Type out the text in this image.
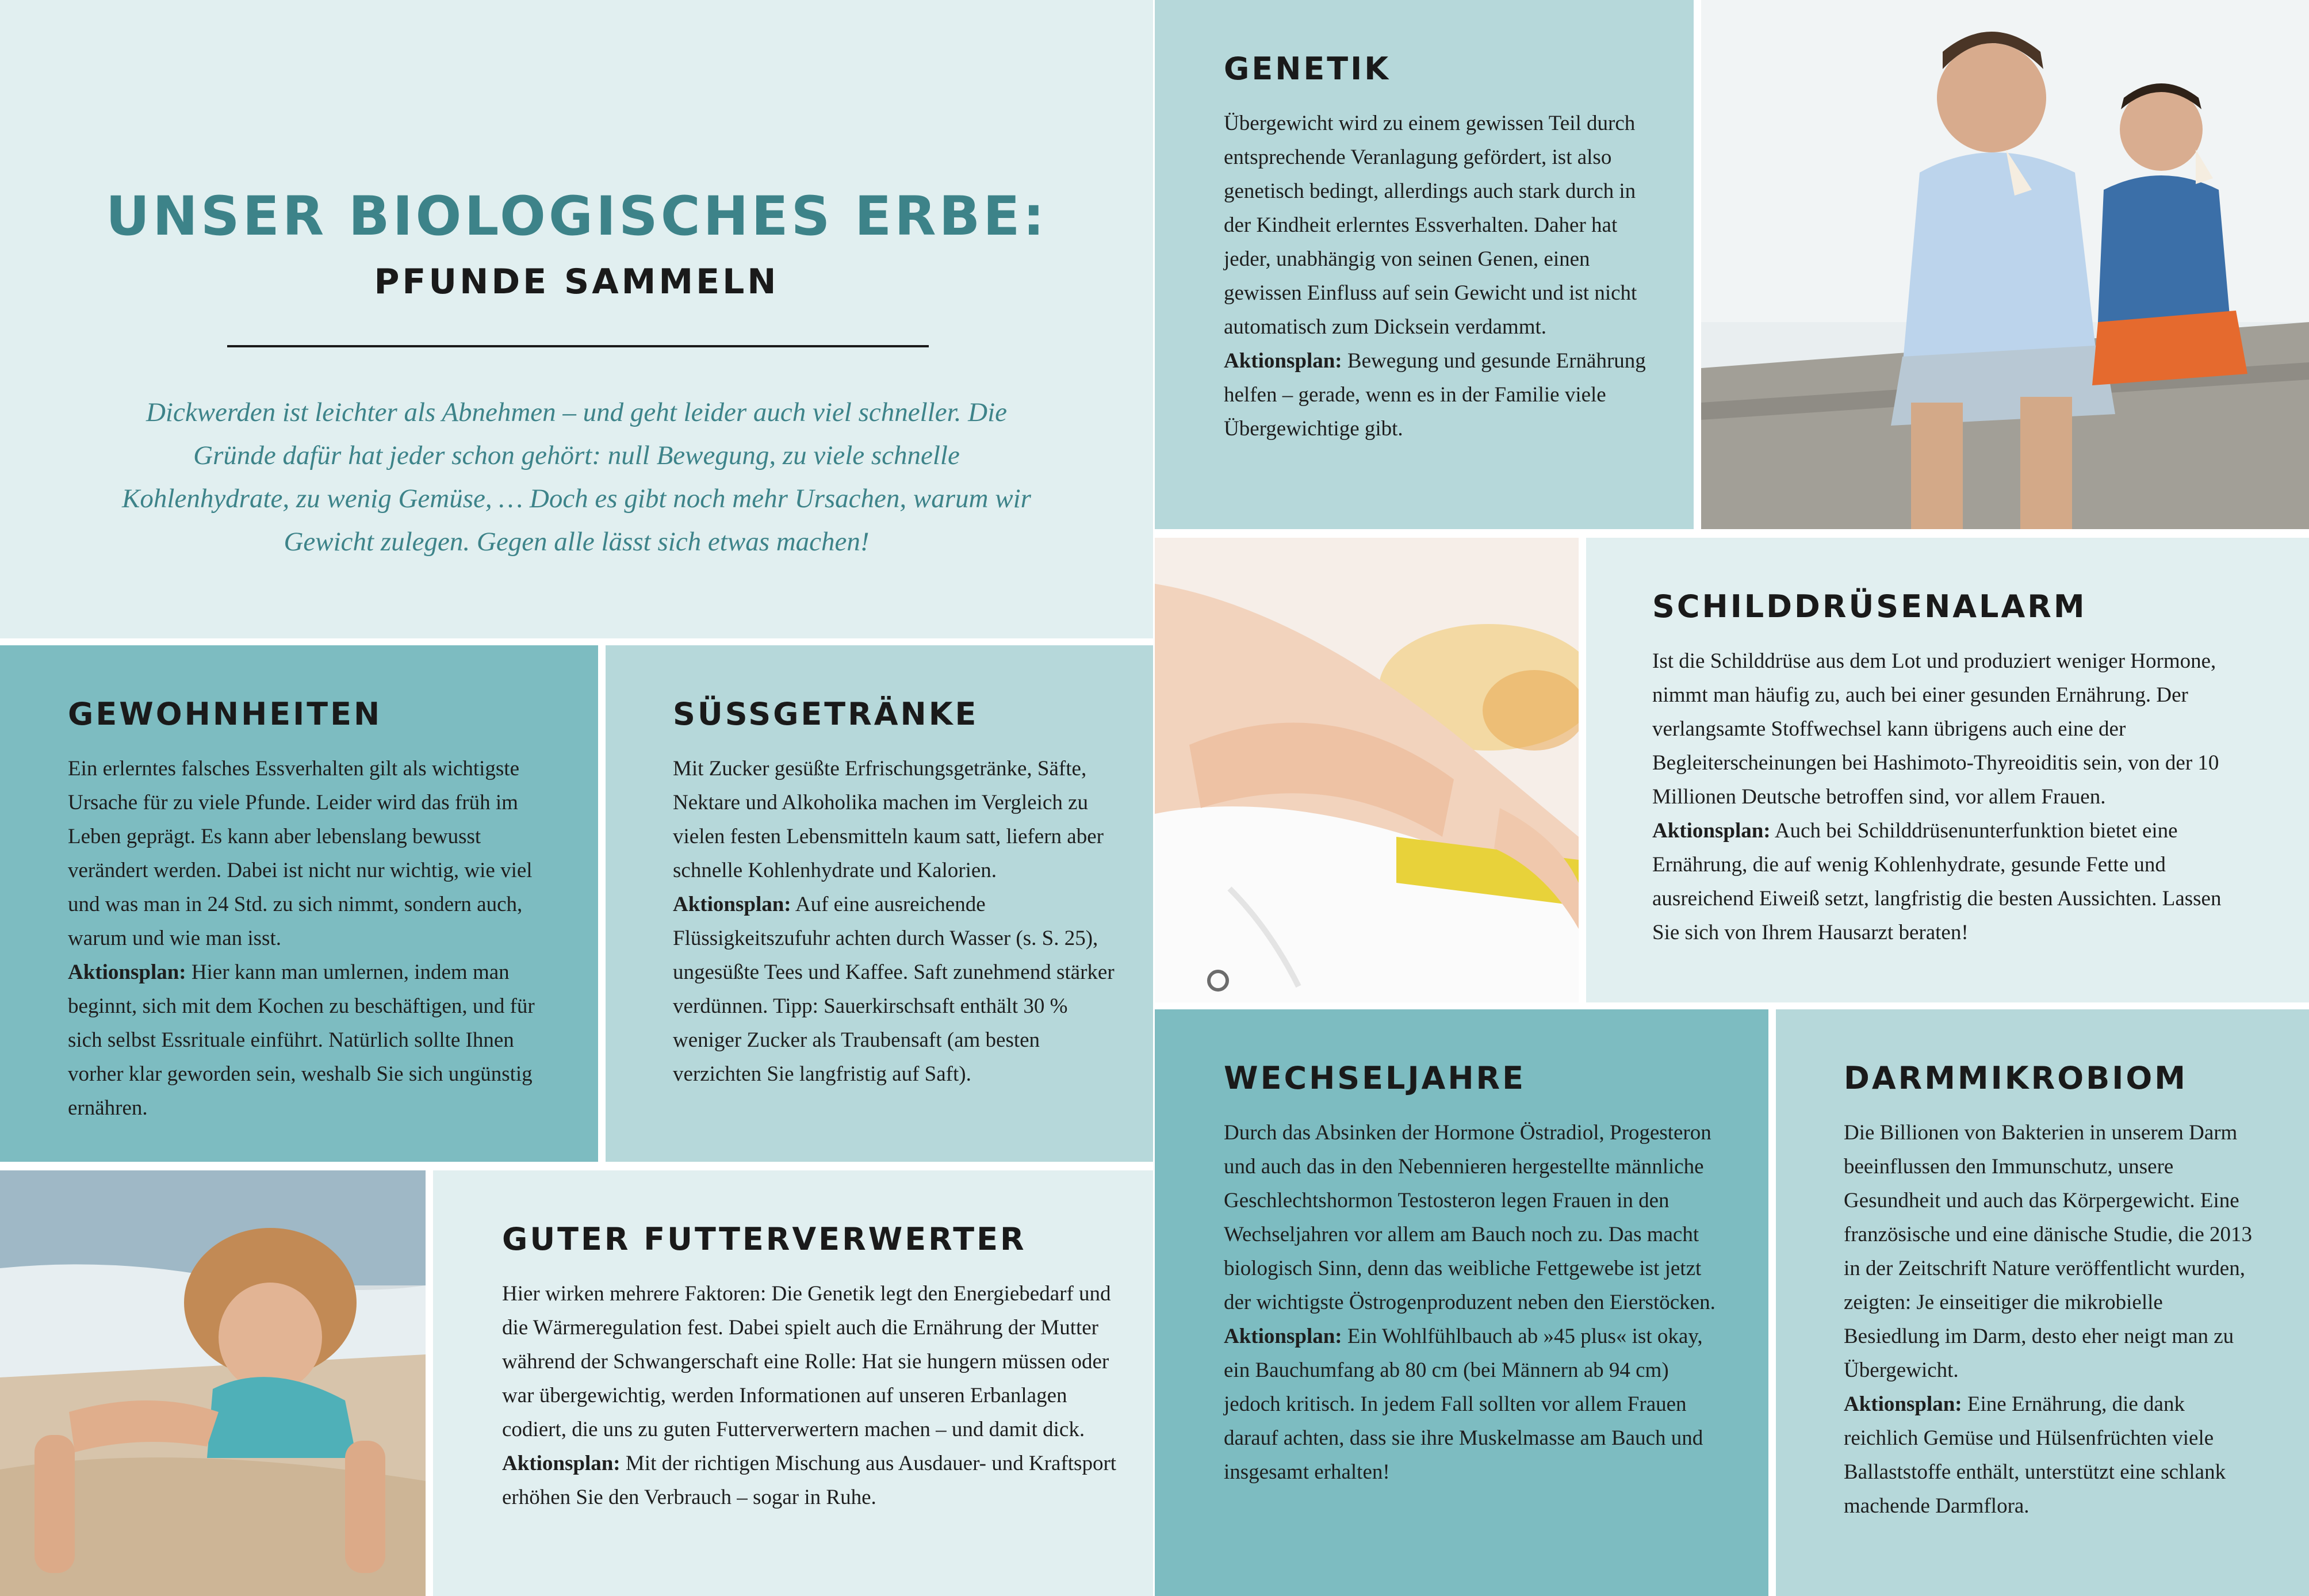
UNSER BIOLOGISCHES ERBE:
PFUNDE SAMMELN

Dickwerden ist leichter als Abnehmen – und geht leider auch viel schneller. Die Gründe dafür hat jeder schon gehört: null Bewegung, zu viele schnelle Kohlenhydrate, zu wenig Gemüse, … Doch es gibt noch mehr Ursachen, warum wir Gewicht zulegen. Gegen alle lässt sich etwas machen!

GENETIK

Übergewicht wird zu einem gewissen Teil durch entsprechende Veranlagung gefördert, ist also genetisch bedingt, allerdings auch stark durch in der Kindheit erlerntes Essverhalten. Daher hat jeder, unabhängig von seinen Genen, einen gewissen Einfluss auf sein Gewicht und ist nicht automatisch zum Dicksein verdammt.
Aktionsplan: Bewegung und gesunde Ernährung helfen – gerade, wenn es in der Familie viele Übergewichtige gibt.

SCHILDDRÜSENALARM

Ist die Schilddrüse aus dem Lot und produziert weniger Hormone, nimmt man häufig zu, auch bei einer gesunden Ernährung. Der verlangsamte Stoffwechsel kann übrigens auch eine der Begleiterscheinungen bei Hashimoto-Thyreoiditis sein, von der 10 Millionen Deutsche betroffen sind, vor allem Frauen.
Aktionsplan: Auch bei Schilddrüsenunterfunktion bietet eine Ernährung, die auf wenig Kohlenhydrate, gesunde Fette und ausreichend Eiweiß setzt, langfristig die besten Aussichten. Lassen Sie sich von Ihrem Hausarzt beraten!

GEWOHNHEITEN

Ein erlerntes falsches Essverhalten gilt als wichtigste Ursache für zu viele Pfunde. Leider wird das früh im Leben geprägt. Es kann aber lebenslang bewusst verändert werden. Dabei ist nicht nur wichtig, wie viel und was man in 24 Std. zu sich nimmt, sondern auch, warum und wie man isst.
Aktionsplan: Hier kann man umlernen, indem man beginnt, sich mit dem Kochen zu beschäftigen, und für sich selbst Essrituale einführt. Natürlich sollte Ihnen vorher klar geworden sein, weshalb Sie sich ungünstig ernähren.

SÜSSGETRÄNKE

Mit Zucker gesüßte Erfrischungsgetränke, Säfte, Nektare und Alkoholika machen im Vergleich zu vielen festen Lebensmitteln kaum satt, liefern aber schnelle Kohlenhydrate und Kalorien.
Aktionsplan: Auf eine ausreichende Flüssigkeitszufuhr achten durch Wasser (s. S. 25), ungesüßte Tees und Kaffee. Saft zunehmend stärker verdünnen. Tipp: Sauerkirschsaft enthält 30 % weniger Zucker als Traubensaft (am besten verzichten Sie langfristig auf Saft).

GUTER FUTTERVERWERTER

Hier wirken mehrere Faktoren: Die Genetik legt den Energiebedarf und die Wärmeregulation fest. Dabei spielt auch die Ernährung der Mutter während der Schwangerschaft eine Rolle: Hat sie hungern müssen oder war übergewichtig, werden Informationen auf unseren Erbanlagen codiert, die uns zu guten Futterverwertern machen – und damit dick.
Aktionsplan: Mit der richtigen Mischung aus Ausdauer- und Kraftsport erhöhen Sie den Verbrauch – sogar in Ruhe.

WECHSELJAHRE

Durch das Absinken der Hormone Östradiol, Progesteron und auch das in den Nebennieren hergestellte männliche Geschlechtshormon Testosteron legen Frauen in den Wechseljahren vor allem am Bauch noch zu. Das macht biologisch Sinn, denn das weibliche Fettgewebe ist jetzt der wichtigste Östrogenproduzent neben den Eierstöcken.
Aktionsplan: Ein Wohlfühlbauch ab »45 plus« ist okay, ein Bauchumfang ab 80 cm (bei Männern ab 94 cm) jedoch kritisch. In jedem Fall sollten vor allem Frauen darauf achten, dass sie ihre Muskelmasse am Bauch und insgesamt erhalten!

DARMMIKROBIOM

Die Billionen von Bakterien in unserem Darm beeinflussen den Immunschutz, unsere Gesundheit und auch das Körpergewicht. Eine französische und eine dänische Studie, die 2013 in der Zeitschrift Nature veröffentlicht wurden, zeigten: Je einseitiger die mikrobielle Besiedlung im Darm, desto eher neigt man zu Übergewicht.
Aktionsplan: Eine Ernährung, die dank reichlich Gemüse und Hülsenfrüchten viele Ballaststoffe enthält, unterstützt eine schlank machende Darmflora.
